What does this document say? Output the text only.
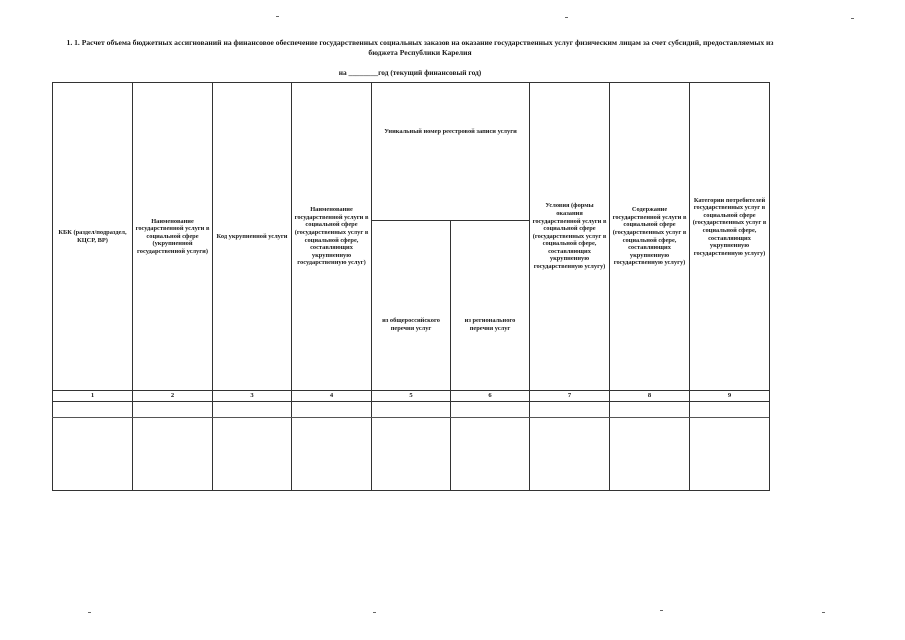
1. 1. Расчет объема бюджетных ассигнований на финансовое обеспечение государственных социальных заказов на оказание государственных услуг физическим лицам за счет субсидий, предоставляемых из бюджета Республики Карелия
на ________год (текущий финансовый год)
КБК (раздел/подраздел, КЦСР, ВР)	Наименование государственной услуги в социальной сфере (укрупненной государственной услуги)	Код укрупненной услуги	Наименование государственной услуги в социальной сфере (государственных услуг в социальной сфере, составляющих укрупненную государственную услуг)	Уникальный номер реестровой записи услуги		Условия (формы оказания государственной услуги в социальной сфере (государственных услуг в социальной сфере, составляющих укрупненную государственную услугу)	Содержание государственной услуги в социальной сфере (государственных услуг в социальной сфере, составляющих укрупненную государственную услугу)	Категории потребителей государственных услуг в социальной сфере (государственных услуг в социальной сфере, составляющих укрупненную государственную услугу)
				из общероссийского перечня услуг	из регионального перечня услуг			
1	2	3	4	5	6	7	8	9
